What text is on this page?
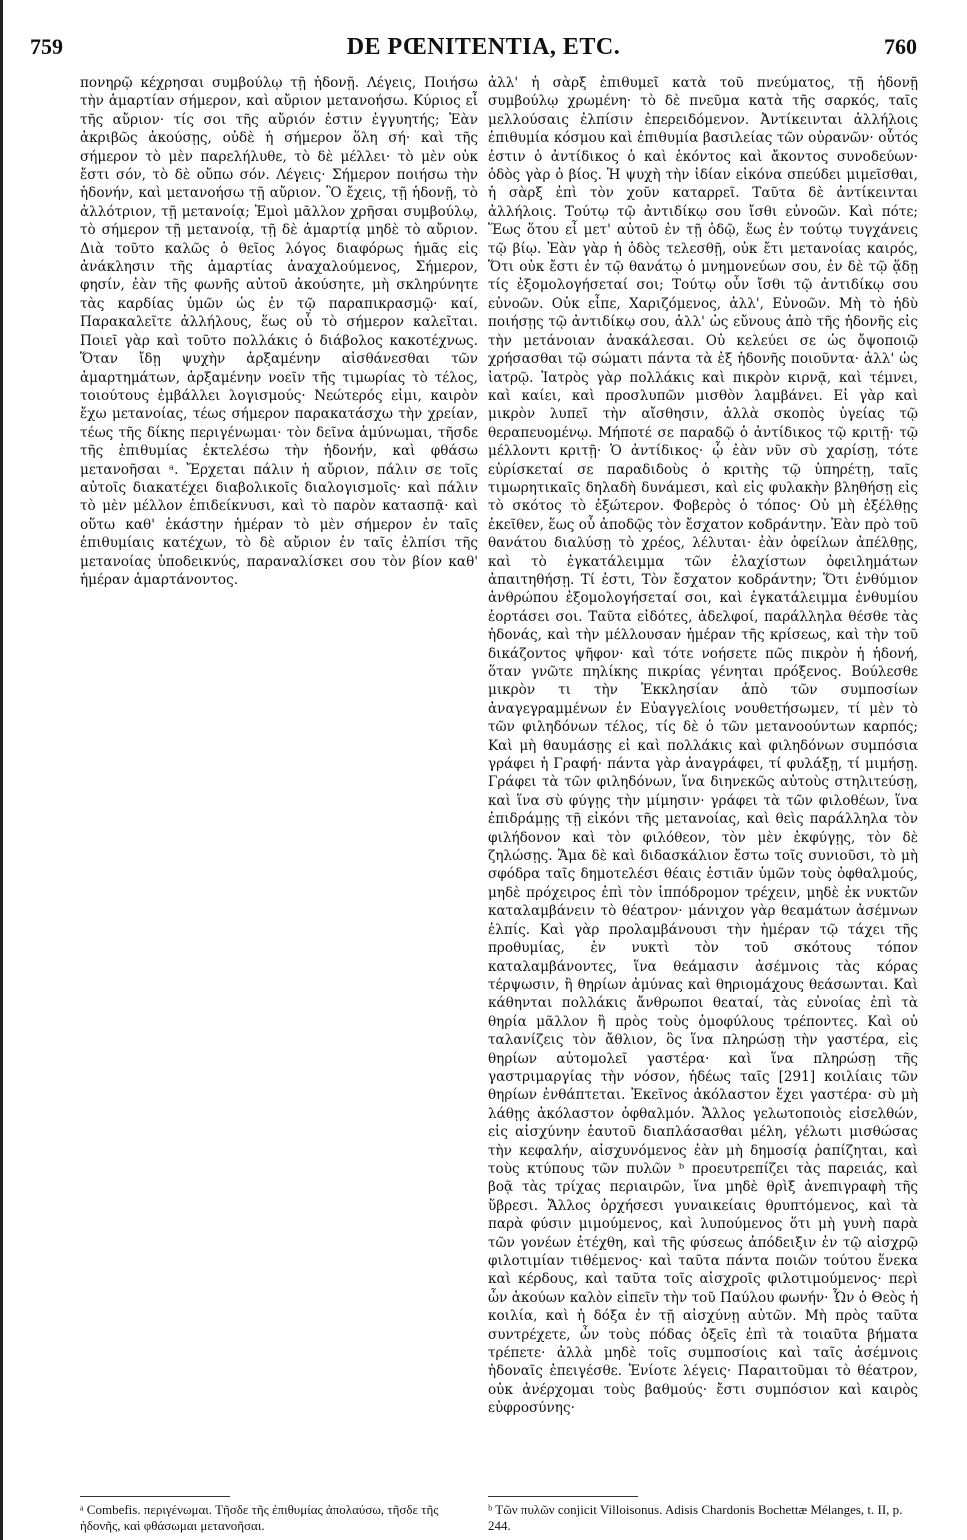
759	DE PŒNITENTIA, ETC.	760

πονηρῷ κέχρησαι συμβούλῳ τῇ ἡδονῇ. Λέγεις, Ποιήσω τὴν ἁμαρτίαν σήμερον, καὶ αὔριον μετανοήσω. Κύριος εἶ τῆς αὔριον· τίς σοι τῆς αὔριόν ἐστιν ἐγγυητής; Ἐὰν ἀκριβῶς ἀκούσῃς, οὐδὲ ἡ σήμερον ὅλη σή· καὶ τῆς σήμερον τὸ μὲν παρελήλυθε, τὸ δὲ μέλλει· τὸ μὲν οὐκ ἔστι σόν, τὸ δὲ οὔπω σόν. Λέγεις· Σήμερον ποιήσω τὴν ἡδονήν, καὶ μετανοήσω τῇ αὔριον. Ὃ ἔχεις, τῇ ἡδονῇ, τὸ ἀλλότριον, τῇ μετανοίᾳ; Ἐμοὶ μᾶλλον χρῆσαι συμβούλῳ, τὸ σήμερον τῇ μετανοίᾳ, τῇ δὲ ἁμαρτίᾳ μηδὲ τὸ αὔριον. Διὰ τοῦτο καλῶς ὁ θεῖος λόγος διαφόρως ἡμᾶς εἰς ἀνάκλησιν τῆς ἁμαρτίας ἀναχαλούμενος, Σήμερον, φησίν, ἐὰν τῆς φωνῆς αὐτοῦ ἀκούσητε, μὴ σκληρύνητε τὰς καρδίας ὑμῶν ὡς ἐν τῷ παραπικρασμῷ· καί, Παρακαλεῖτε ἀλλήλους, ἕως οὗ τὸ σήμερον καλεῖται. Ποιεῖ γὰρ καὶ τοῦτο πολλάκις ὁ διάβολος κακοτέχνως. Ὅταν ἴδῃ ψυχὴν ἀρξαμένην αἰσθάνεσθαι τῶν ἁμαρτημάτων, ἀρξαμένην νοεῖν τῆς τιμωρίας τὸ τέλος, τοιούτους ἐμβάλλει λογισμούς· Νεώτερός εἰμι, καιρὸν ἔχω μετανοίας, τέως σήμερον παρακατάσχω τὴν χρείαν, τέως τῆς δίκης περιγένωμαι· τὸν δεῖνα ἀμύνωμαι, τῆσδε τῆς ἐπιθυμίας ἐκτελέσω τὴν ἡδονήν, καὶ φθάσω μετανοῆσαι ᵃ. Ἔρχεται πάλιν ἡ αὔριον, πάλιν σε τοῖς αὐτοῖς διακατέχει διαβολικοῖς διαλογισμοῖς· καὶ πάλιν τὸ μὲν μέλλον ἐπιδείκνυσι, καὶ τὸ παρὸν κατασπᾷ· καὶ οὕτω καθ' ἑκάστην ἡμέραν τὸ μὲν σήμερον ἐν ταῖς ἐπιθυμίαις κατέχων, τὸ δὲ αὔριον ἐν ταῖς ἐλπίσι τῆς μετανοίας ὑποδεικνύς, παραναλίσκει σου τὸν βίον καθ' ἡμέραν ἁμαρτάνοντος.

ἀλλ' ἡ σὰρξ ἐπιθυμεῖ κατὰ τοῦ πνεύματος, τῇ ἡδονῇ συμβούλῳ χρωμένη· τὸ δὲ πνεῦμα κατὰ τῆς σαρκός, ταῖς μελλούσαις ἐλπίσιν ἐπερειδόμενον. Ἀντίκεινται ἀλλήλοις ἐπιθυμία κόσμου καὶ ἐπιθυμία βασιλείας τῶν οὐρανῶν· οὗτός ἐστιν ὁ ἀντίδικος ὁ καὶ ἑκόντος καὶ ἄκοντος συνοδεύων· ὁδὸς γὰρ ὁ βίος. Ἡ ψυχὴ τὴν ἰδίαν εἰκόνα σπεύδει μιμεῖσθαι, ἡ σὰρξ ἐπὶ τὸν χοῦν καταρρεῖ. Ταῦτα δὲ ἀντίκεινται ἀλλήλοις. Τούτῳ τῷ ἀντιδίκῳ σου ἴσθι εὐνοῶν. Καὶ πότε; Ἕως ὅτου εἶ μετ' αὐτοῦ ἐν τῇ ὁδῷ, ἕως ἐν τούτῳ τυγχάνεις τῷ βίῳ. Ἐὰν γὰρ ἡ ὁδὸς τελεσθῇ, οὐκ ἔτι μετανοίας καιρός, Ὅτι οὐκ ἔστι ἐν τῷ θανάτῳ ὁ μνημονεύων σου, ἐν δὲ τῷ ᾅδῃ τίς ἐξομολογήσεταί σοι; Τούτῳ οὖν ἴσθι τῷ ἀντιδίκῳ σου εὐνοῶν. Οὐκ εἶπε, Χαριζόμενος, ἀλλ', Εὐνοῶν. Μὴ τὸ ἡδὺ ποιήσῃς τῷ ἀντιδίκῳ σου, ἀλλ' ὡς εὔνους ἀπὸ τῆς ἡδονῆς εἰς τὴν μετάνοιαν ἀνακάλεσαι. Οὐ κελεύει σε ὡς ὄψοποιῷ χρήσασθαι τῷ σώματι πάντα τὰ ἐξ ἡδονῆς ποιοῦντα· ἀλλ' ὡς ἰατρῷ. Ἰατρὸς γὰρ πολλάκις καὶ πικρὸν κιρνᾷ, καὶ τέμνει, καὶ καίει, καὶ προσλυπῶν μισθὸν λαμβάνει. Εἰ γὰρ καὶ μικρὸν λυπεῖ τὴν αἴσθησιν, ἀλλὰ σκοπὸς ὑγείας τῷ θεραπευομένῳ. Μήποτέ σε παραδῷ ὁ ἀντίδικος τῷ κριτῇ· τῷ μέλλοντι κριτῇ· Ὁ ἀντίδικος· ᾧ ἐὰν νῦν σὺ χαρίσῃ, τότε εὑρίσκεταί σε παραδιδοὺς ὁ κριτὴς τῷ ὑπηρέτῃ, ταῖς τιμωρητικαῖς δηλαδὴ δυνάμεσι, καὶ εἰς φυλακὴν βληθήσῃ εἰς τὸ σκότος τὸ ἐξώτερον. Φοβερὸς ὁ τόπος· Οὐ μὴ ἐξέλθῃς ἐκεῖθεν, ἕως οὗ ἀποδῷς τὸν ἔσχατον κοδράντην. Ἐὰν πρὸ τοῦ θανάτου διαλύσῃ τὸ χρέος, λέλυται· ἐὰν ὀφείλων ἀπέλθῃς, καὶ τὸ ἐγκατάλειμμα τῶν ἐλαχίστων ὀφειλημάτων ἀπαιτηθήσῃ. Τί ἐστι, Τὸν ἔσχατον κοδράντην; Ὅτι ἐνθύμιον ἀνθρώπου ἐξομολογήσεταί σοι, καὶ ἐγκατάλειμμα ἐνθυμίου ἑορτάσει σοι. Ταῦτα εἰδότες, ἀδελφοί, παράλληλα θέσθε τὰς ἡδονάς, καὶ τὴν μέλλουσαν ἡμέραν τῆς κρίσεως, καὶ τὴν τοῦ δικάζοντος ψῆφον· καὶ τότε νοήσετε πῶς πικρὸν ἡ ἡδονή, ὅταν γνῶτε πηλίκης πικρίας γένηται πρόξενος. Βούλεσθε μικρὸν τι τὴν Ἐκκλησίαν ἀπὸ τῶν συμποσίων ἀναγεγραμμένων ἐν Εὐαγγελίοις νουθετήσωμεν, τί μὲν τὸ τῶν φιληδόνων τέλος, τίς δὲ ὁ τῶν μετανοούντων καρπός; Καὶ μὴ θαυμάσῃς εἰ καὶ πολλάκις καὶ φιληδόνων συμπόσια γράφει ἡ Γραφή· πάντα γὰρ ἀναγράφει, τί φυλάξῃ, τί μιμήσῃ. Γράφει τὰ τῶν φιληδόνων, ἵνα διηνεκῶς αὐτοὺς στηλιτεύσῃ, καὶ ἵνα σὺ φύγῃς τὴν μίμησιν· γράφει τὰ τῶν φιλοθέων, ἵνα ἐπιδράμῃς τῇ εἰκόνι τῆς μετανοίας, καὶ θεὶς παράλληλα τὸν φιλήδονον καὶ τὸν φιλόθεον, τὸν μὲν ἐκφύγῃς, τὸν δὲ ζηλώσῃς. Ἅμα δὲ καὶ διδασκάλιον ἔστω τοῖς συνιοῦσι, τὸ μὴ σφόδρα ταῖς δημοτελέσι θέαις ἑστιᾶν ὑμῶν τοὺς ὀφθαλμούς, μηδὲ πρόχειρος ἐπὶ τὸν ἱππόδρομον τρέχειν, μηδὲ ἐκ νυκτῶν καταλαμβάνειν τὸ θέατρον· μάνιχον γὰρ θεαμάτων ἀσέμνων ἐλπίς. Καὶ γὰρ προλαμβάνουσι τὴν ἡμέραν τῷ τάχει τῆς προθυμίας, ἐν νυκτὶ τὸν τοῦ σκότους τόπον καταλαμβάνοντες, ἵνα θεάμασιν ἀσέμνοις τὰς κόρας τέρψωσιν, ἢ θηρίων ἀμύνας καὶ θηριομάχους θεάσωνται. Καὶ κάθηνται πολλάκις ἄνθρωποι θεαταί, τὰς εὐνοίας ἐπὶ τὰ θηρία μᾶλλον ἢ πρὸς τοὺς ὁμοφύλους τρέποντες. Καὶ οὐ ταλανίζεις τὸν ἄθλιον, ὃς ἵνα πληρώσῃ τὴν γαστέρα, εἰς θηρίων αὐτομολεῖ γαστέρα· καὶ ἵνα πληρώσῃ τῆς γαστριμαργίας τὴν νόσον, ἡδέως ταῖς [291] κοιλίαις τῶν θηρίων ἐνθάπτεται. Ἐκεῖνος ἀκόλαστον ἔχει γαστέρα· σὺ μὴ λάθῃς ἀκόλαστον ὀφθαλμόν. Ἄλλος γελωτοποιὸς εἰσελθών, εἰς αἰσχύνην ἑαυτοῦ διαπλάσασθαι μέλη, γέλωτι μισθώσας τὴν κεφαλήν, αἰσχυνόμενος ἐὰν μὴ δημοσίᾳ ῥαπίζηται, καὶ τοὺς κτύπους τῶν πυλῶν ᵇ προευτρεπίζει τὰς παρειάς, καὶ βοᾷ τὰς τρίχας περιαιρῶν, ἵνα μηδὲ θρὶξ ἀνεπιγραφὴ τῆς ὕβρεσι. Ἄλλος ὀρχήσεσι γυναικείαις θρυπτόμενος, καὶ τὰ παρὰ φύσιν μιμούμενος, καὶ λυπούμενος ὅτι μὴ γυνὴ παρὰ τῶν γονέων ἐτέχθη, καὶ τῆς φύσεως ἀπόδειξιν ἐν τῷ αἰσχρῷ φιλοτιμίαν τιθέμενος· καὶ ταῦτα πάντα ποιῶν τούτου ἕνεκα καὶ κέρδους, καὶ ταῦτα τοῖς αἰσχροῖς φιλοτιμούμενος· περὶ ὧν ἀκούων καλὸν εἰπεῖν τὴν τοῦ Παύλου φωνήν· Ὧν ὁ Θεὸς ἡ κοιλία, καὶ ἡ δόξα ἐν τῇ αἰσχύνῃ αὐτῶν. Μὴ πρὸς ταῦτα συντρέχετε, ὧν τοὺς πόδας ὀξεῖς ἐπὶ τὰ τοιαῦτα βήματα τρέπετε· ἀλλὰ μηδὲ τοῖς συμποσίοις καὶ ταῖς ἀσέμνοις ἡδοναῖς ἐπειγέσθε. Ἐνίοτε λέγεις· Παραιτοῦμαι τὸ θέατρον, οὐκ ἀνέρχομαι τοὺς βαθμούς· ἔστι συμπόσιον καὶ καιρὸς εὐφροσύνης·

ᵃ Combefis. περιγένωμαι. Τῆσδε τῆς ἐπιθυμίας ἀπολαύσω, τῆσδε τῆς ἡδονῆς, καὶ φθάσωμαι μετανοῆσαι.
ᵇ Τῶν πυλῶν conjicit Villoisonus. Adisis Chardonis Bochettæ Mélanges, t. II, p. 244.
